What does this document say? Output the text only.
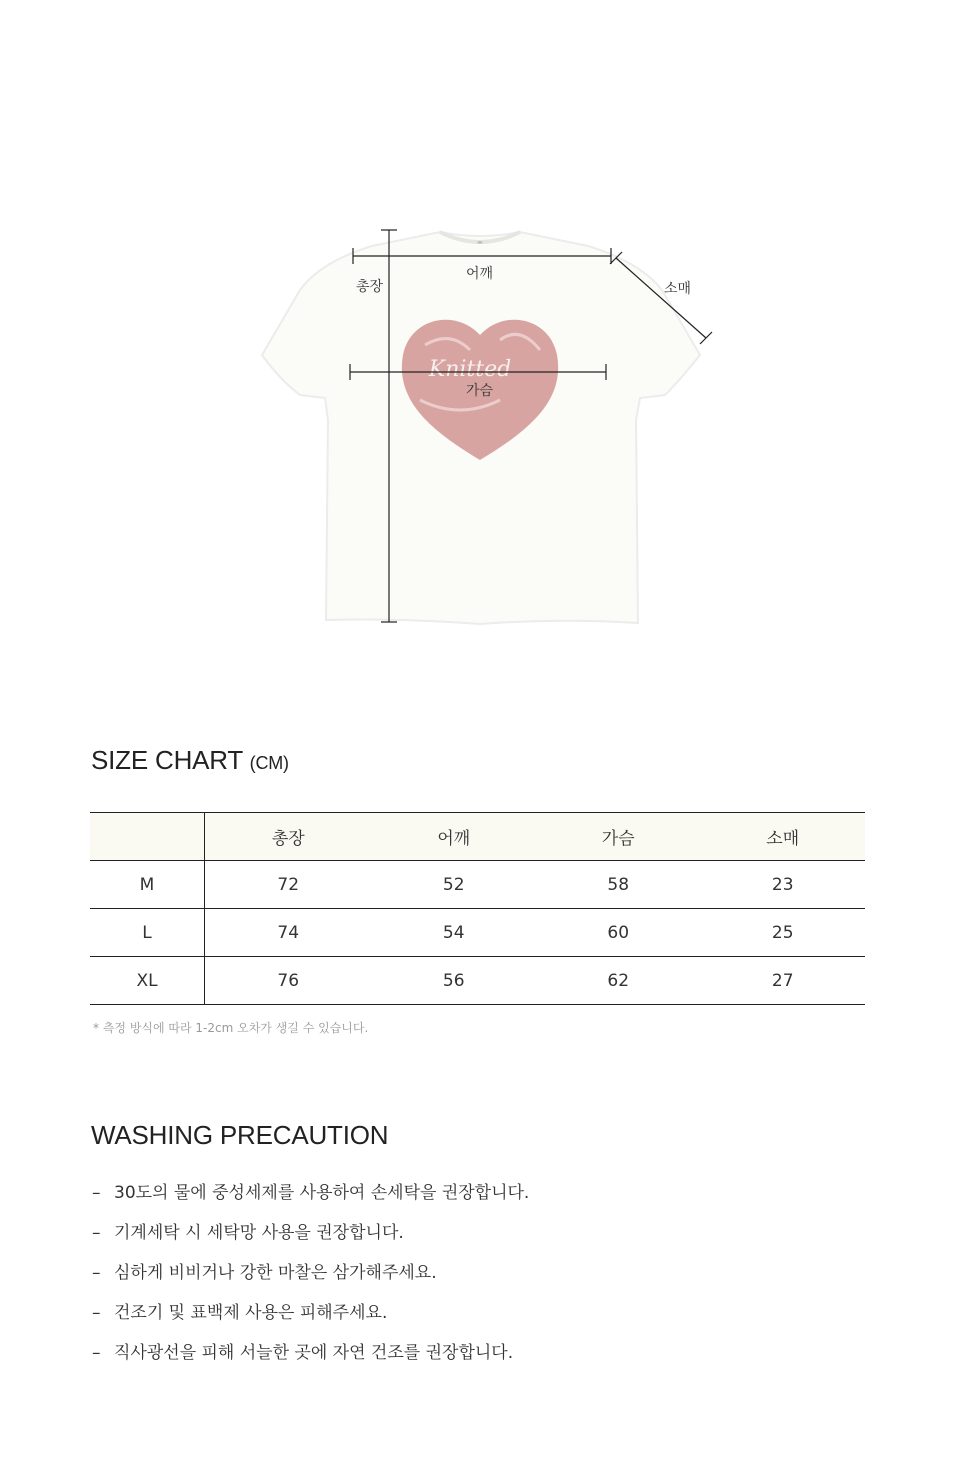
▬
Knitted
총장
어깨
가슴
소매
SIZE CHART (CM)
	총장	어깨	가슴	소매
M	72	52	58	23
L	74	54	60	25
XL	76	56	62	27
* 측정 방식에 따라 1-2cm 오차가 생길 수 있습니다.
WASHING PRECAUTION
– 30도의 물에 중성세제를 사용하여 손세탁을 권장합니다.
– 기계세탁 시 세탁망 사용을 권장합니다.
– 심하게 비비거나 강한 마찰은 삼가해주세요.
– 건조기 및 표백제 사용은 피해주세요.
– 직사광선을 피해 서늘한 곳에 자연 건조를 권장합니다.
